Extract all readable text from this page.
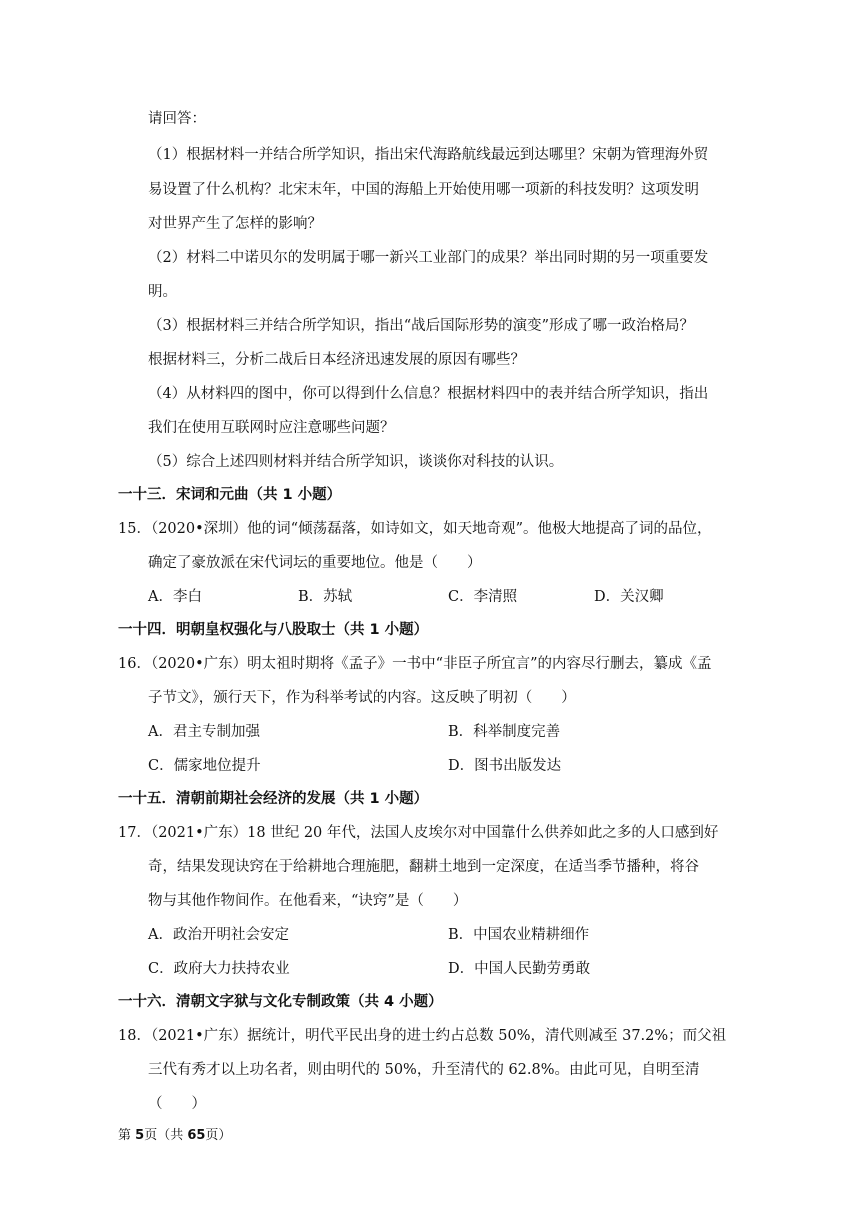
请回答：
（1）根据材料一并结合所学知识，指出宋代海路航线最远到达哪里？宋朝为管理海外贸
易设置了什么机构？北宋末年，中国的海船上开始使用哪一项新的科技发明？这项发明
对世界产生了怎样的影响？
（2）材料二中诺贝尔的发明属于哪一新兴工业部门的成果？举出同时期的另一项重要发
明。
（3）根据材料三并结合所学知识，指出“战后国际形势的演变”形成了哪一政治格局？
根据材料三，分析二战后日本经济迅速发展的原因有哪些？
（4）从材料四的图中，你可以得到什么信息？根据材料四中的表并结合所学知识，指出
我们在使用互联网时应注意哪些问题？
（5）综合上述四则材料并结合所学知识，谈谈你对科技的认识。
一十三．宋词和元曲（共 1 小题）
15．（2020•深圳）他的词“倾荡磊落，如诗如文，如天地奇观”。他极大地提高了词的品位，
确定了豪放派在宋代词坛的重要地位。他是（　　）
A．李白	B．苏轼	C．李清照	D．关汉卿
一十四．明朝皇权强化与八股取士（共 1 小题）
16．（2020•广东）明太祖时期将《孟子》一书中“非臣子所宜言”的内容尽行删去，纂成《孟
子节文》，颁行天下，作为科举考试的内容。这反映了明初（　　）
A．君主专制加强	B．科举制度完善
C．儒家地位提升	D．图书出版发达
一十五．清朝前期社会经济的发展（共 1 小题）
17．（2021•广东）18 世纪 20 年代，法国人皮埃尔对中国靠什么供养如此之多的人口感到好
奇，结果发现诀窍在于给耕地合理施肥，翻耕土地到一定深度，在适当季节播种，将谷
物与其他作物间作。在他看来，“诀窍”是（　　）
A．政治开明社会安定	B．中国农业精耕细作
C．政府大力扶持农业	D．中国人民勤劳勇敢
一十六．清朝文字狱与文化专制政策（共 4 小题）
18．（2021•广东）据统计，明代平民出身的进士约占总数 50%，清代则减至 37.2%；而父祖
三代有秀才以上功名者，则由明代的 50%，升至清代的 62.8%。由此可见，自明至清
（　　）
第 5页（共 65页）
